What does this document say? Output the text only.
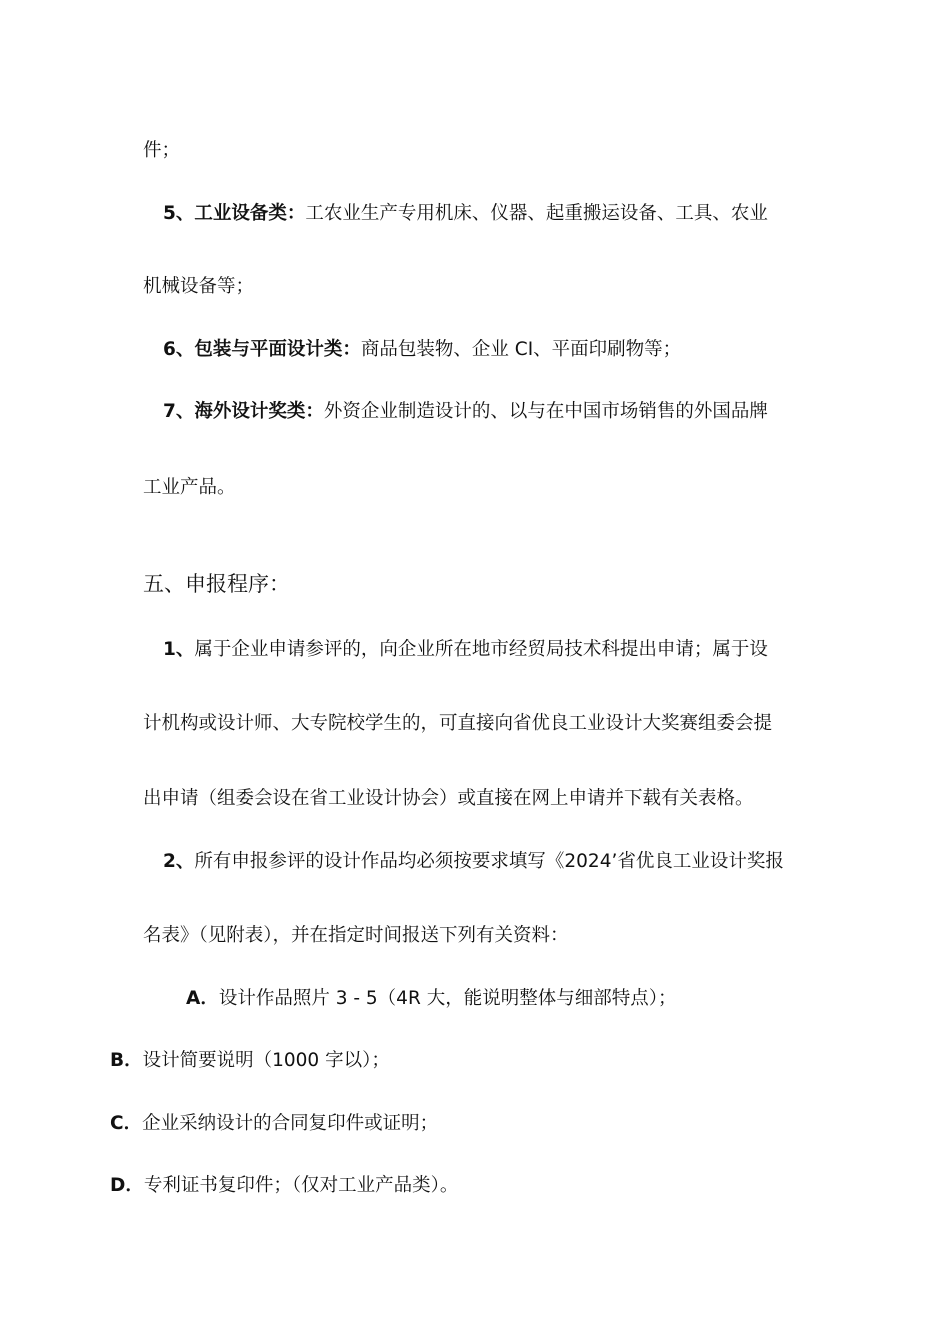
件；
5、工业设备类：工农业生产专用机床、仪器、起重搬运设备、工具、农业
机械设备等；
6、包装与平面设计类：商品包装物、企业 CI、平面印刷物等；
7、海外设计奖类：外资企业制造设计的、以与在中国市场销售的外国品牌
工业产品。
五、申报程序：
1、属于企业申请参评的，向企业所在地市经贸局技术科提出申请；属于设
计机构或设计师、大专院校学生的，可直接向省优良工业设计大奖赛组委会提
出申请（组委会设在省工业设计协会）或直接在网上申请并下载有关表格。
2、所有申报参评的设计作品均必须按要求填写《2024’省优良工业设计奖报
名表》（见附表），并在指定时间报送下列有关资料：
A．设计作品照片 3 - 5（4R 大，能说明整体与细部特点）；
B．设计简要说明（1000 字以）；
C．企业采纳设计的合同复印件或证明；
D．专利证书复印件；（仅对工业产品类）。
